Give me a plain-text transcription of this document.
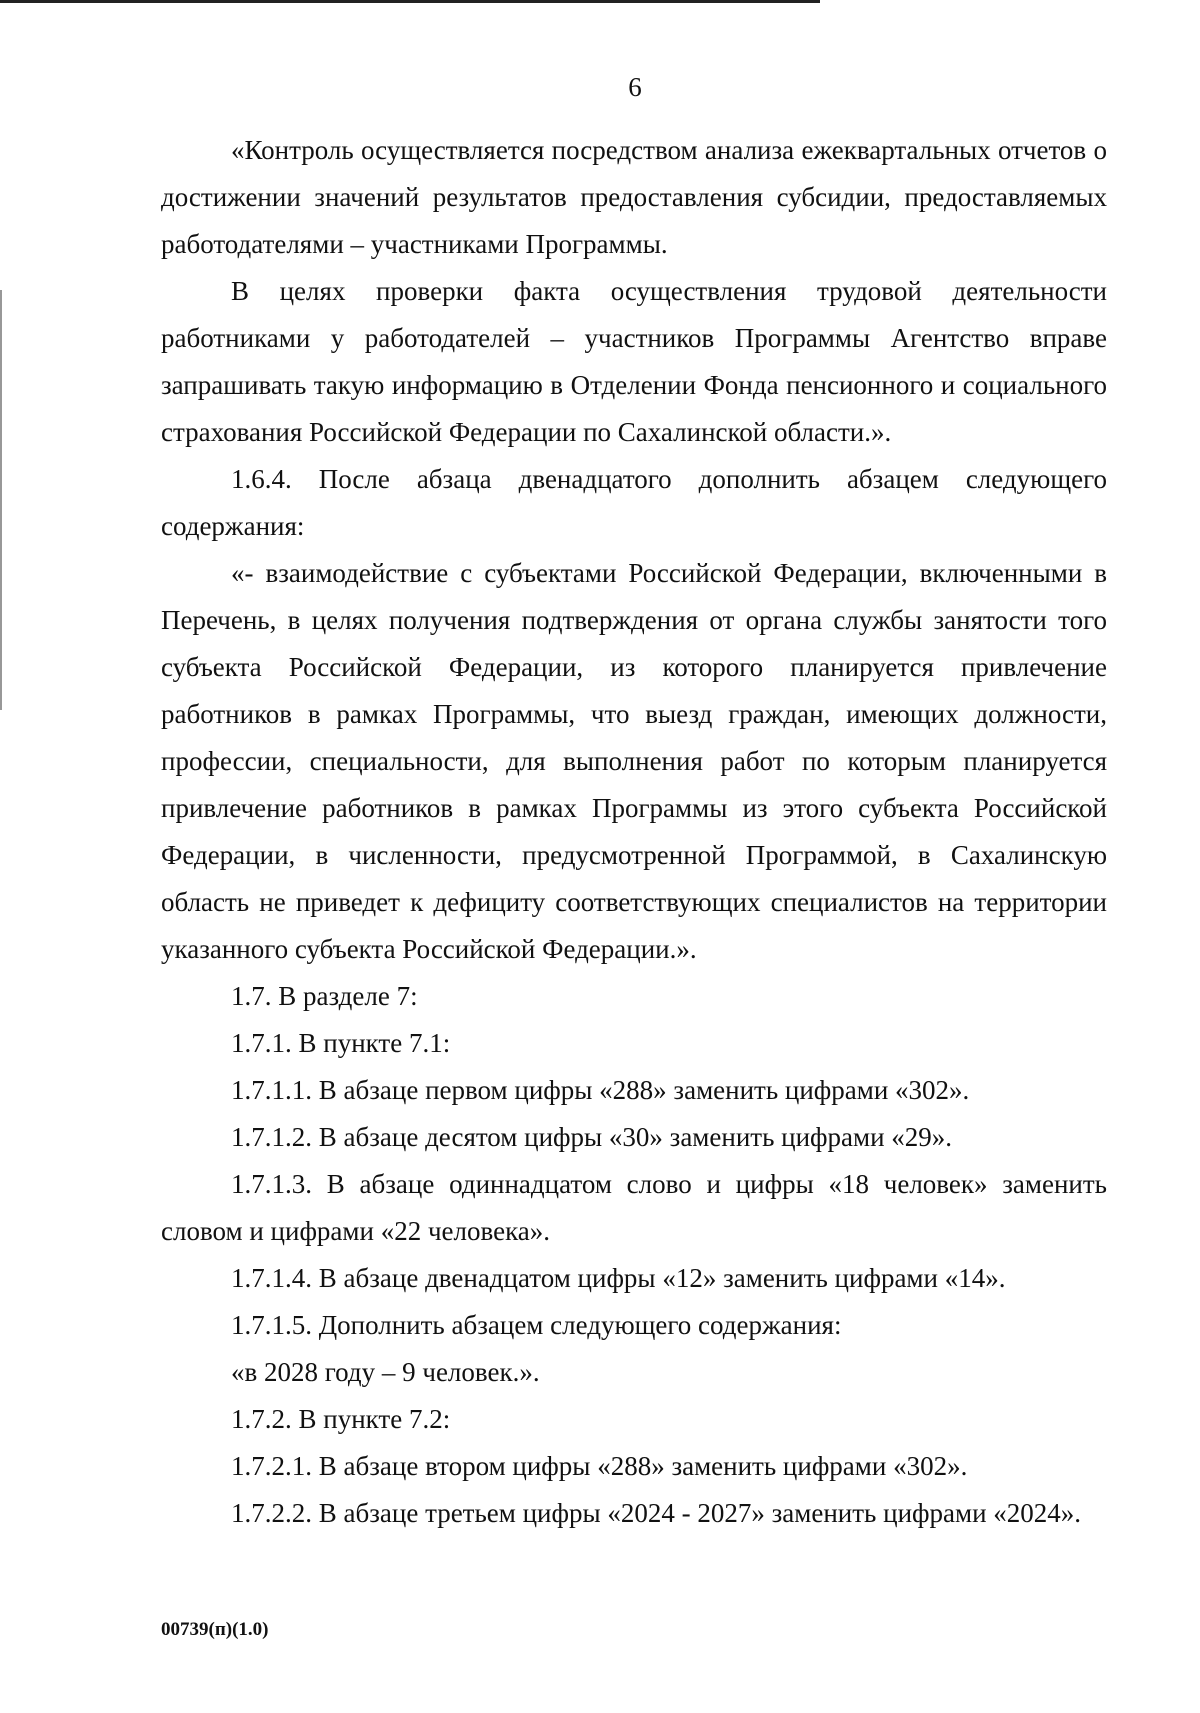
6

«Контроль осуществляется посредством анализа ежеквартальных отчетов о достижении значений результатов предоставления субсидии, предоставляемых работодателями – участниками Программы.

В целях проверки факта осуществления трудовой деятельности работниками у работодателей – участников Программы Агентство вправе запрашивать такую информацию в Отделении Фонда пенсионного и социального страхования Российской Федерации по Сахалинской области.».

1.6.4. После абзаца двенадцатого дополнить абзацем следующего содержания:

«- взаимодействие с субъектами Российской Федерации, включенными в Перечень, в целях получения подтверждения от органа службы занятости того субъекта Российской Федерации, из которого планируется привлечение работников в рамках Программы, что выезд граждан, имеющих должности, профессии, специальности, для выполнения работ по которым планируется привлечение работников в рамках Программы из этого субъекта Российской Федерации, в численности, предусмотренной Программой, в Сахалинскую область не приведет к дефициту соответствующих специалистов на территории указанного субъекта Российской Федерации.».

1.7. В разделе 7:

1.7.1. В пункте 7.1:

1.7.1.1. В абзаце первом цифры «288» заменить цифрами «302».

1.7.1.2. В абзаце десятом цифры «30» заменить цифрами «29».

1.7.1.3. В абзаце одиннадцатом слово и цифры «18 человек» заменить словом и цифрами «22 человека».

1.7.1.4. В абзаце двенадцатом цифры «12» заменить цифрами «14».

1.7.1.5. Дополнить абзацем следующего содержания:

«в 2028 году – 9 человек.».

1.7.2. В пункте 7.2:

1.7.2.1. В абзаце втором цифры «288» заменить цифрами «302».

1.7.2.2. В абзаце третьем цифры «2024 - 2027» заменить цифрами «2024».

00739(п)(1.0)
